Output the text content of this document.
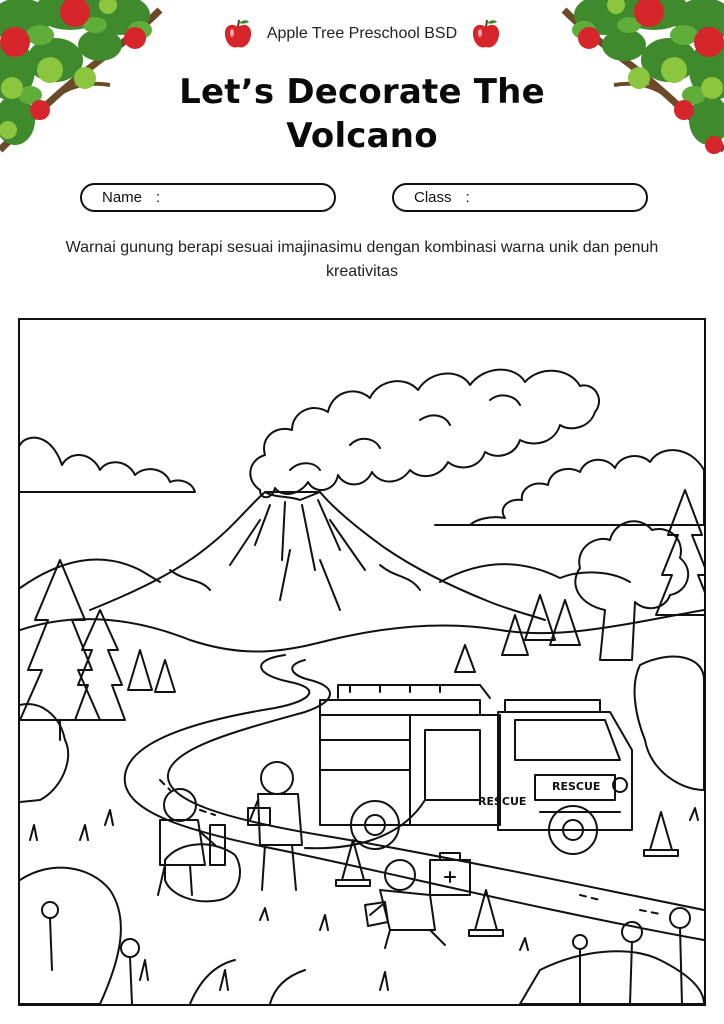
Apple Tree Preschool BSD
Let’s Decorate The Volcano
Name :	Class :
Warnai gunung berapi sesuai imajinasimu dengan kombinasi warna unik dan penuh kreativitas
RESCUE
RESCUE
